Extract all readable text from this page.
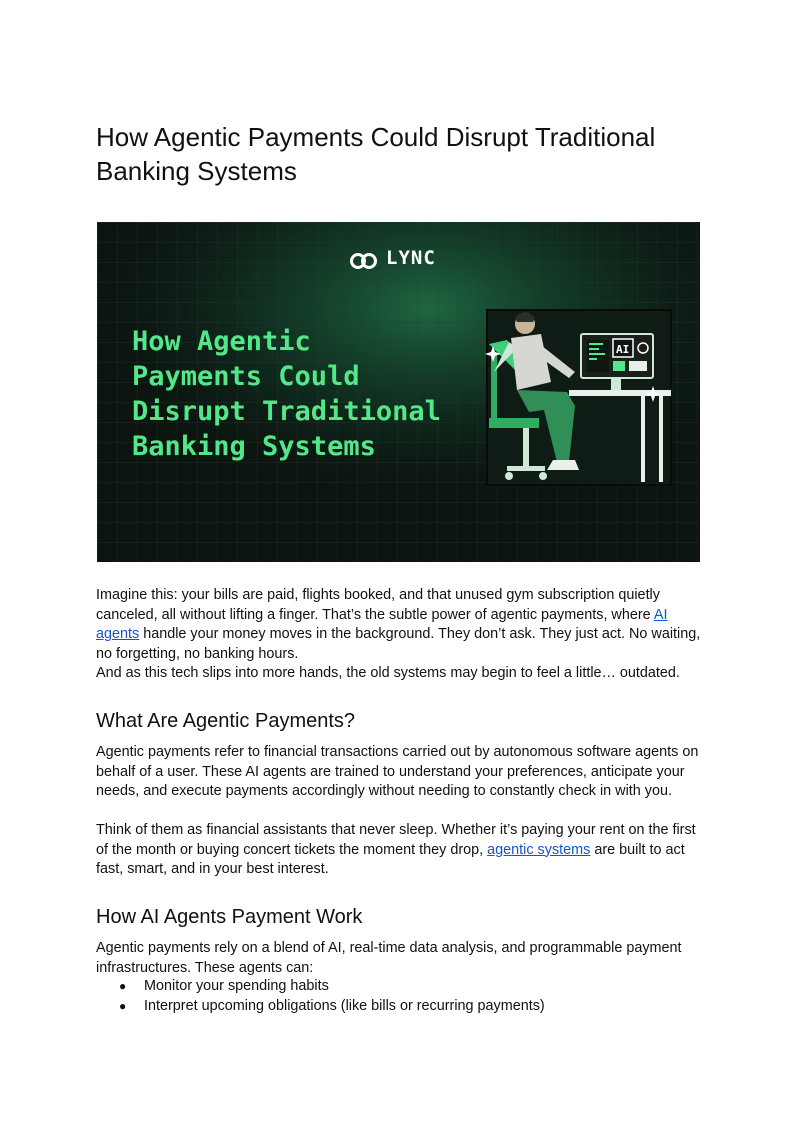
How Agentic Payments Could Disrupt Traditional
Banking Systems
AI
LYNC
How Agentic
Payments Could
Disrupt Traditional
Banking Systems

Imagine this: your bills are paid, flights booked, and that unused gym subscription quietly canceled, all without lifting a finger. That’s the subtle power of agentic payments, where AI agents handle your money moves in the background. They don’t ask. They just act. No waiting, no forgetting, no banking hours.

And as this tech slips into more hands, the old systems may begin to feel a little… outdated.

What Are Agentic Payments?

Agentic payments refer to financial transactions carried out by autonomous software agents on behalf of a user. These AI agents are trained to understand your preferences, anticipate your needs, and execute payments accordingly without needing to constantly check in with you.

Think of them as financial assistants that never sleep. Whether it’s paying your rent on the first of the month or buying concert tickets the moment they drop, agentic systems are built to act fast, smart, and in your best interest.

How AI Agents Payment Work

Agentic payments rely on a blend of AI, real-time data analysis, and programmable payment infrastructures. These agents can:

● Monitor your spending habits
● Interpret upcoming obligations (like bills or recurring payments)
